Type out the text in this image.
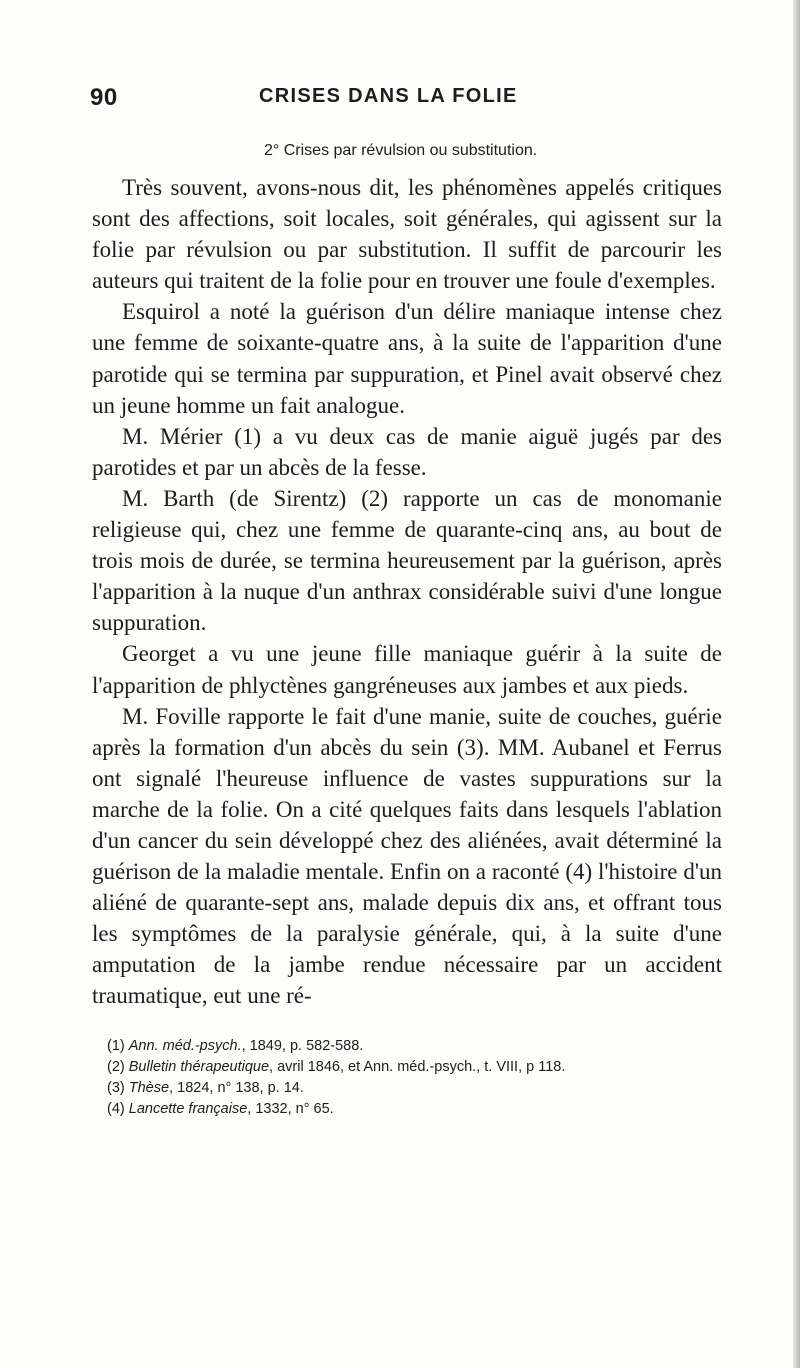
90	CRISES DANS LA FOLIE
2° Crises par révulsion ou substitution.

Très souvent, avons-nous dit, les phénomènes appelés critiques sont des affections, soit locales, soit générales, qui agissent sur la folie par révulsion ou par substitution. Il suffit de parcourir les auteurs qui traitent de la folie pour en trouver une foule d'exemples.

Esquirol a noté la guérison d'un délire maniaque intense chez une femme de soixante-quatre ans, à la suite de l'apparition d'une parotide qui se termina par suppuration, et Pinel avait observé chez un jeune homme un fait analogue.

M. Mérier (1) a vu deux cas de manie aiguë jugés par des parotides et par un abcès de la fesse.

M. Barth (de Sirentz) (2) rapporte un cas de monomanie religieuse qui, chez une femme de quarante-cinq ans, au bout de trois mois de durée, se termina heureusement par la guérison, après l'apparition à la nuque d'un anthrax considérable suivi d'une longue suppuration.

Georget a vu une jeune fille maniaque guérir à la suite de l'apparition de phlyctènes gangréneuses aux jambes et aux pieds.

M. Foville rapporte le fait d'une manie, suite de couches, guérie après la formation d'un abcès du sein (3). MM. Aubanel et Ferrus ont signalé l'heureuse influence de vastes suppurations sur la marche de la folie. On a cité quelques faits dans lesquels l'ablation d'un cancer du sein développé chez des aliénées, avait déterminé la guérison de la maladie mentale. Enfin on a raconté (4) l'histoire d'un aliéné de quarante-sept ans, malade depuis dix ans, et offrant tous les symptômes de la paralysie générale, qui, à la suite d'une amputation de la jambe rendue nécessaire par un accident traumatique, eut une ré-

(1) Ann. méd.-psych., 1849, p. 582-588.
(2) Bulletin thérapeutique, avril 1846, et Ann. méd.-psych., t. VIII, p 118.
(3) Thèse, 1824, n° 138, p. 14.
(4) Lancette française, 1332, n° 65.
